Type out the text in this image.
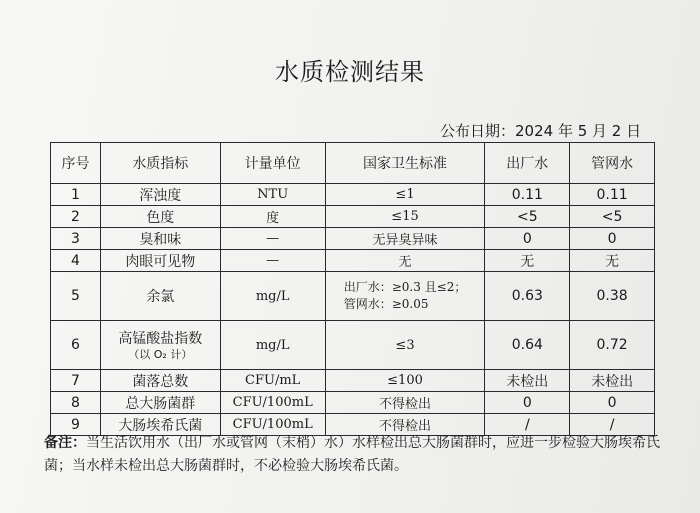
水质检测结果
公布日期：2024 年 5 月 2 日
序号	水质指标	计量单位	国家卫生标准	出厂水	管网水
1	浑浊度	NTU	≤1	0.11	0.11
2	色度	度	≤15	<5	<5
3	臭和味	—	无异臭异味	0	0
4	肉眼可见物	—	无	无	无
5	余氯	mg/L	出厂水：≥0.3 且≤2；
管网水：≥0.05	0.63	0.38
6	高锰酸盐指数
（以 O₂ 计）	mg/L	≤3	0.64	0.72
7	菌落总数	CFU/mL	≤100	未检出	未检出
8	总大肠菌群	CFU/100mL	不得检出	0	0
9	大肠埃希氏菌	CFU/100mL	不得检出	/	/
备注：当生活饮用水（出厂水或管网（末梢）水）水样检出总大肠菌群时，应进一步检验大肠埃希氏菌；当水样未检出总大肠菌群时，不必检验大肠埃希氏菌。
